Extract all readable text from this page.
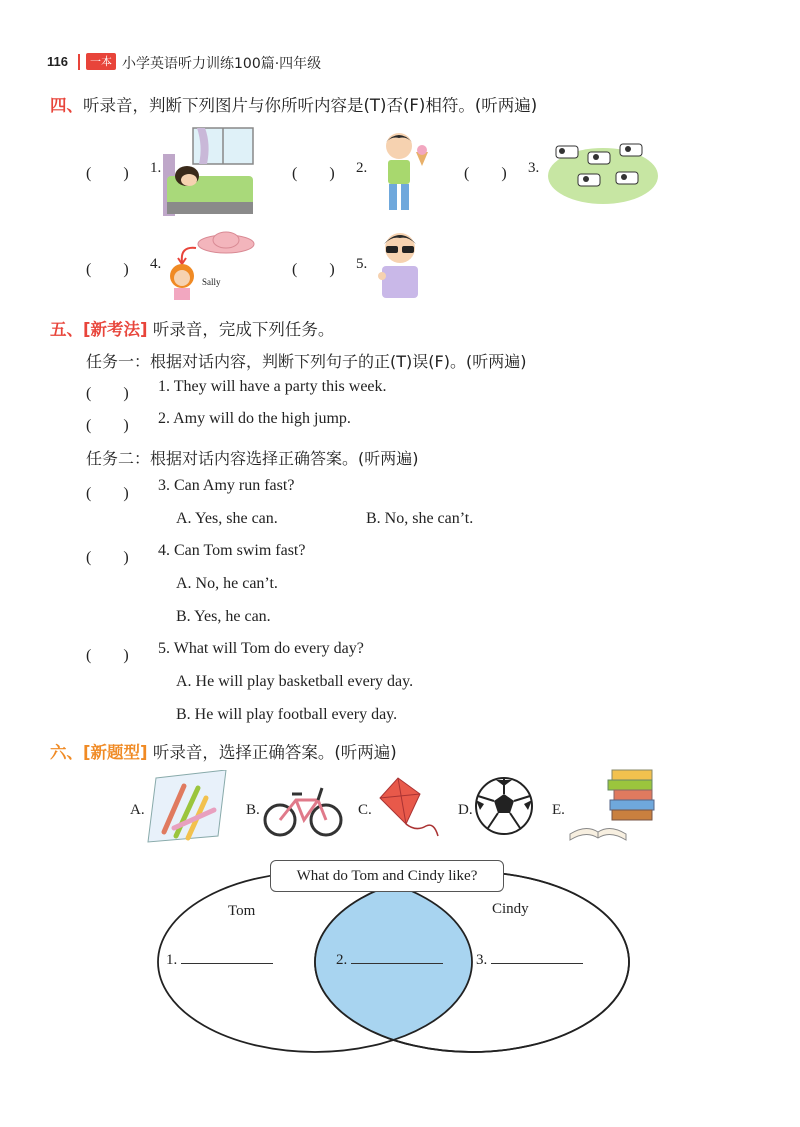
116	一本 小学英语听力训练100篇·四年级
四、听录音，判断下列图片与你所听内容是(T)否(F)相符。(听两遍)
(　　) 1.	(　　) 2.	(　　) 3.
(　　) 4.
Sally
(　　) 5.
五、[新考法] 听录音，完成下列任务。
任务一：根据对话内容，判断下列句子的正(T)误(F)。(听两遍)
(　　) 1. They will have a party this week.
(　　) 2. Amy will do the high jump.
任务二：根据对话内容选择正确答案。(听两遍)
(　　) 3. Can Amy run fast?
A. Yes, she can.	B. No, she can’t.
(　　) 4. Can Tom swim fast?
A. No, he can’t.
B. Yes, he can.
(　　) 5. What will Tom do every day?
A. He will play basketball every day.
B. He will play football every day.
六、[新题型] 听录音，选择正确答案。(听两遍)
A.	B.	C.	D.	E.
What do Tom and Cindy like?
Tom	Cindy
1.	2.	3.
